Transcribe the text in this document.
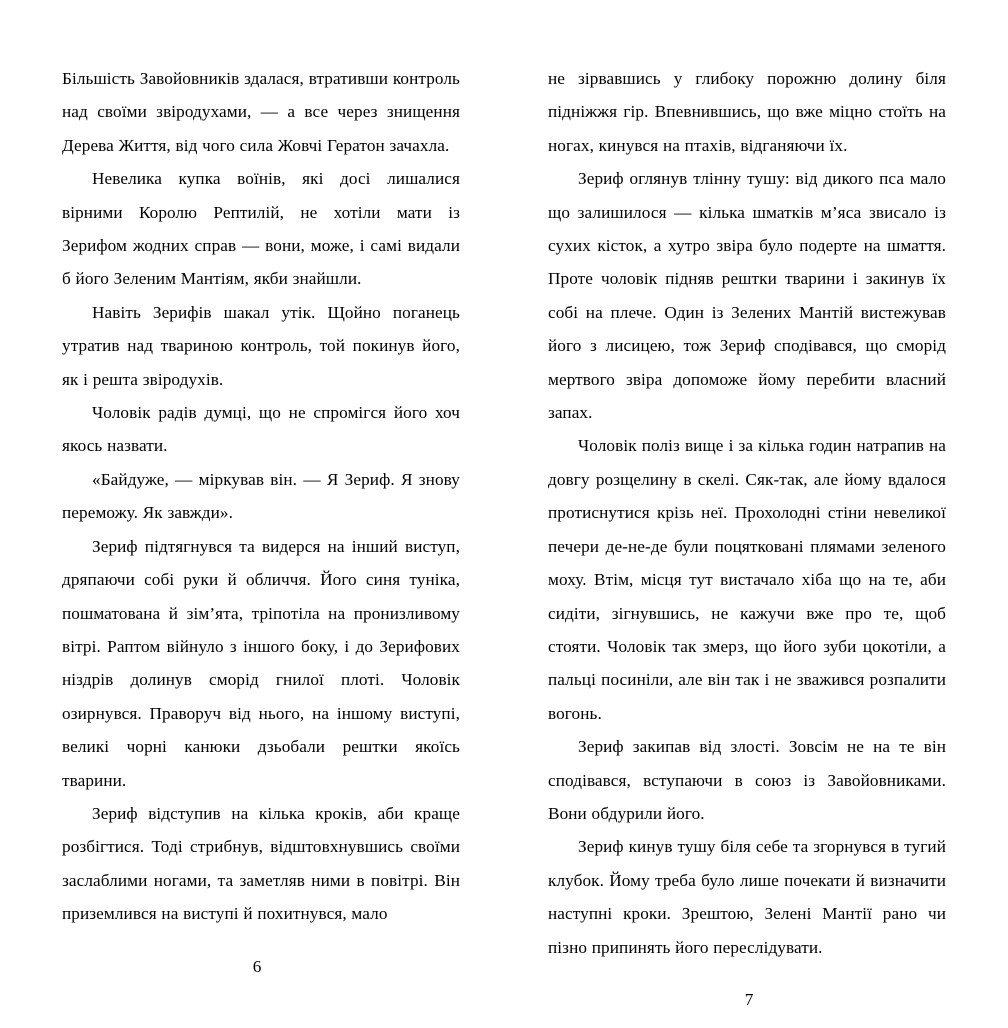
Більшість Завойовників здалася, втративши контроль над своїми звіродухами, — а все через знищення Дерева Життя, від чого сила Жовчі Гератон зачахла.

Невелика купка воїнів, які досі лишалися вірними Королю Рептилій, не хотіли мати із Зерифом жодних справ — вони, може, і самі видали б його Зеленим Мантіям, якби знайшли.

Навіть Зерифів шакал утік. Щойно поганець утратив над твариною контроль, той покинув його, як і решта звіродухів.

Чоловік радів думці, що не спромігся його хоч якось назвати.

«Байдуже, — міркував він. — Я Зериф. Я знову переможу. Як завжди».

Зериф підтягнувся та видерся на інший виступ, дряпаючи собі руки й обличчя. Його синя туніка, пошматована й зім’ята, тріпотіла на пронизливому вітрі. Раптом війнуло з іншого боку, і до Зерифових ніздрів долинув сморід гнилої плоті. Чоловік озирнувся. Праворуч від нього, на іншому виступі, великі чорні канюки дзьобали рештки якоїсь тварини.

Зериф відступив на кілька кроків, аби краще розбігтися. Тоді стрибнув, відштовхнувшись своїми заслаблими ногами, та заметляв ними в повітрі. Він приземлився на виступі й похитнувся, мало

6

не зірвавшись у глибоку порожню долину біля підніжжя гір. Впевнившись, що вже міцно стоїть на ногах, кинувся на птахів, відганяючи їх.

Зериф оглянув тлінну тушу: від дикого пса мало що залишилося — кілька шматків м’яса звисало із сухих кісток, а хутро звіра було подерте на шмаття. Проте чоловік підняв рештки тварини і закинув їх собі на плече. Один із Зелених Мантій вистежував його з лисицею, тож Зериф сподівався, що сморід мертвого звіра допоможе йому перебити власний запах.

Чоловік поліз вище і за кілька годин натрапив на довгу розщелину в скелі. Сяк-так, але йому вдалося протиснутися крізь неї. Прохолодні стіни невеликої печери де-не-де були поцятковані плямами зеленого моху. Втім, місця тут вистачало хіба що на те, аби сидіти, зігнувшись, не кажучи вже про те, щоб стояти. Чоловік так змерз, що його зуби цокотіли, а пальці посиніли, але він так і не зважився розпалити вогонь.

Зериф закипав від злості. Зовсім не на те він сподівався, вступаючи в союз із Завойовниками. Вони обдурили його.

Зериф кинув тушу біля себе та згорнувся в тугий клубок. Йому треба було лише почекати й визначити наступні кроки. Зрештою, Зелені Мантії рано чи пізно припинять його переслідувати.

7
